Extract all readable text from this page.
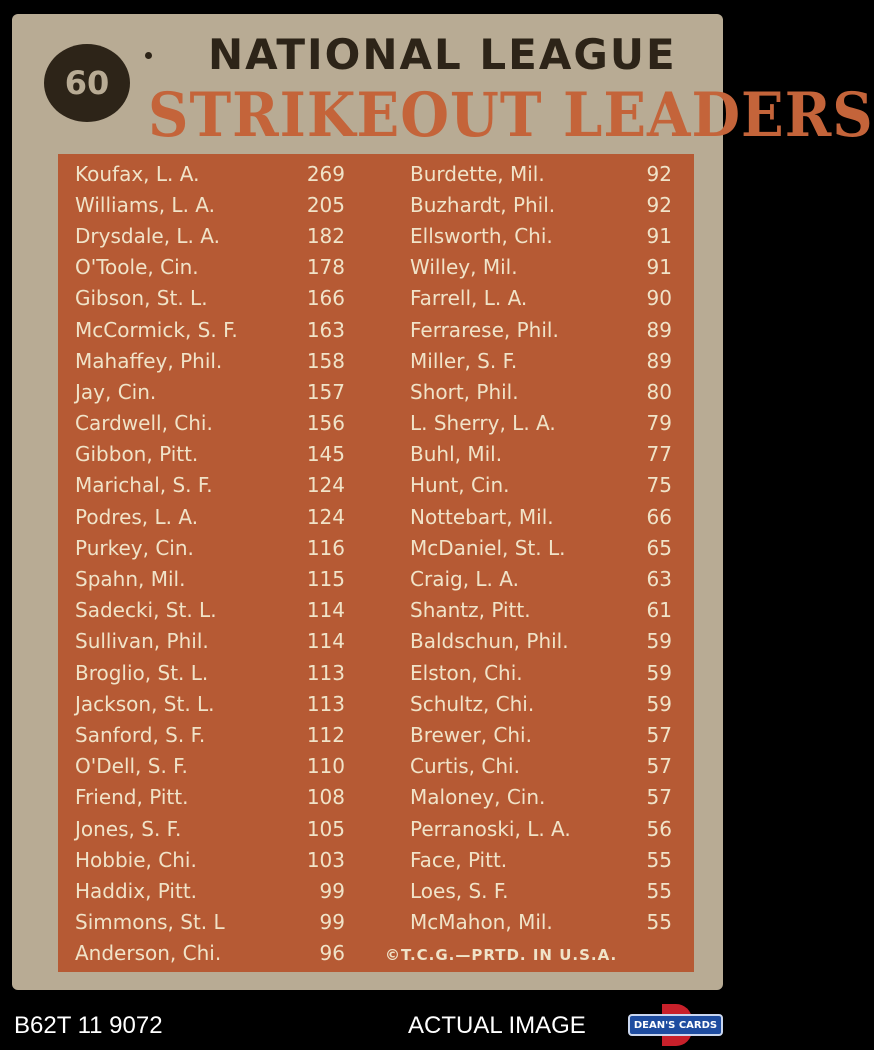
60
NATIONAL LEAGUE
STRIKEOUT LEADERS
Koufax, L. A.	269
Williams, L. A.	205
Drysdale, L. A.	182
O'Toole, Cin.	178
Gibson, St. L.	166
McCormick, S. F.	163
Mahaffey, Phil.	158
Jay, Cin.	157
Cardwell, Chi.	156
Gibbon, Pitt.	145
Marichal, S. F.	124
Podres, L. A.	124
Purkey, Cin.	116
Spahn, Mil.	115
Sadecki, St. L.	114
Sullivan, Phil.	114
Broglio, St. L.	113
Jackson, St. L.	113
Sanford, S. F.	112
O'Dell, S. F.	110
Friend, Pitt.	108
Jones, S. F.	105
Hobbie, Chi.	103
Haddix, Pitt.	99
Simmons, St. L	99
Anderson, Chi.	96
Burdette, Mil.	92
Buzhardt, Phil.	92
Ellsworth, Chi.	91
Willey, Mil.	91
Farrell, L. A.	90
Ferrarese, Phil.	89
Miller, S. F.	89
Short, Phil.	80
L. Sherry, L. A.	79
Buhl, Mil.	77
Hunt, Cin.	75
Nottebart, Mil.	66
McDaniel, St. L.	65
Craig, L. A.	63
Shantz, Pitt.	61
Baldschun, Phil.	59
Elston, Chi.	59
Schultz, Chi.	59
Brewer, Chi.	57
Curtis, Chi.	57
Maloney, Cin.	57
Perranoski, L. A.	56
Face, Pitt.	55
Loes, S. F.	55
McMahon, Mil.	55
©T.C.G.—PRTD. IN U.S.A.
B62T 11 9072	ACTUAL IMAGE	DEAN'S CARDS
